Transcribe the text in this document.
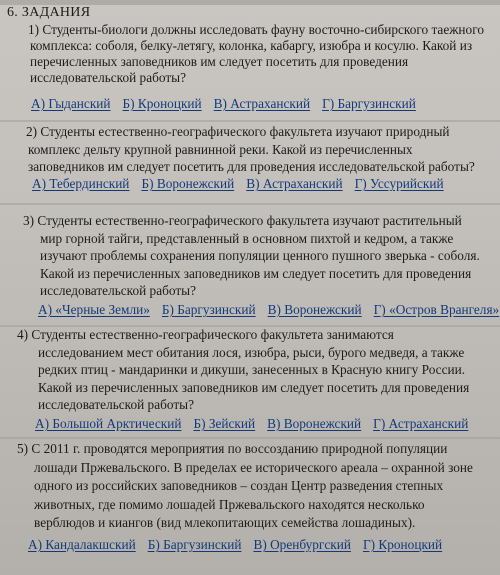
6. ЗАДАНИЯ
1) Студенты-биологи должны исследовать фауну восточно-сибирского таежного
комплекса: соболя, белку-летягу, колонка, кабаргу, изюбра и косулю. Какой из
перечисленных заповедников им следует посетить для проведения
исследовательской работы?
А) Гыданский Б) Кроноцкий В) Астраханский Г) Баргузинский
2) Студенты естественно-географического факультета изучают природный
комплекс дельту крупной равнинной реки. Какой из перечисленных
заповедников им следует посетить для проведения исследовательской работы?
А) Тебердинский Б) Воронежский В) Астраханский Г) Уссурийский
3) Студенты естественно-географического факультета изучают растительный
мир горной тайги, представленный в основном пихтой и кедром, а также
изучают проблемы сохранения популяции ценного пушного зверька - соболя.
Какой из перечисленных заповедников им следует посетить для проведения
исследовательской работы?
А) «Черные Земли» Б) Баргузинский В) Воронежский Г) «Остров Врангеля»
4) Студенты естественно-географического факультета занимаются
исследованием мест обитания лося, изюбра, рыси, бурого медведя, а также
редких птиц - мандаринки и дикуши, занесенных в Красную книгу России.
Какой из перечисленных заповедников им следует посетить для проведения
исследовательской работы?
А) Большой Арктический Б) Зейский В) Воронежский Г) Астраханский
5) С 2011 г. проводятся мероприятия по воссозданию природной популяции
лошади Пржевальского. В пределах ее исторического ареала – охранной зоне
одного из российских заповедников – создан Центр разведения степных
животных, где помимо лошадей Пржевальского находятся несколько
верблюдов и киангов (вид млекопитающих семейства лошадиных).
А) Кандалакшский Б) Баргузинский В) Оренбургский Г) Кроноцкий
